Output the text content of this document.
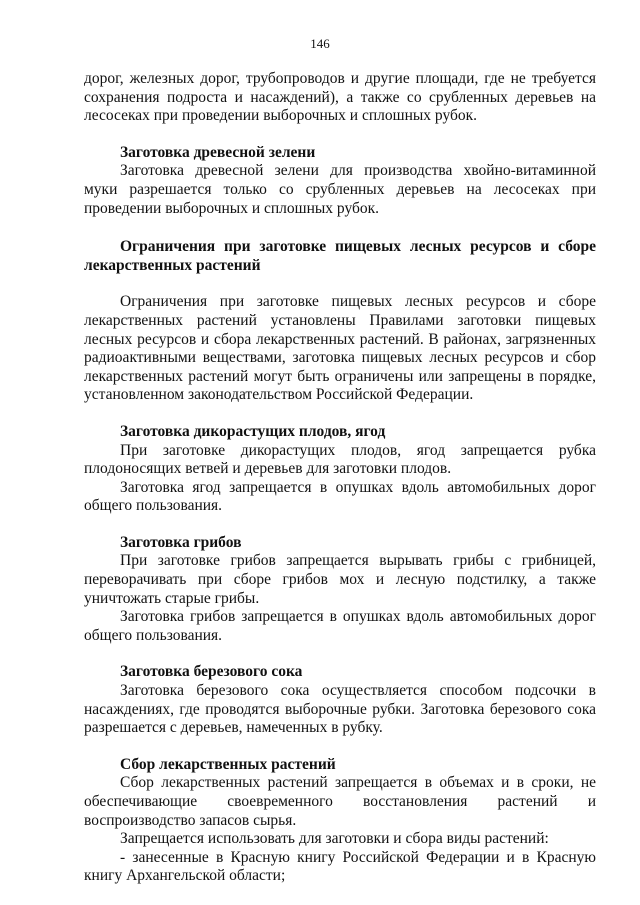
146

дорог, железных дорог, трубопроводов и другие площади, где не требуется сохранения подроста и насаждений), а также со срубленных деревьев на лесосеках при проведении выборочных и сплошных рубок.

Заготовка древесной зелени

Заготовка древесной зелени для производства хвойно-витаминной муки разрешается только со срубленных деревьев на лесосеках при проведении выборочных и сплошных рубок.

Ограничения при заготовке пищевых лесных ресурсов и сборе лекарственных растений

Ограничения при заготовке пищевых лесных ресурсов и сборе лекарственных растений установлены Правилами заготовки пищевых лесных ресурсов и сбора лекарственных растений. В районах, загрязненных радиоактивными веществами, заготовка пищевых лесных ресурсов и сбор лекарственных растений могут быть ограничены или запрещены в порядке, установленном законодательством Российской Федерации.

Заготовка дикорастущих плодов, ягод

При заготовке дикорастущих плодов, ягод запрещается рубка плодоносящих ветвей и деревьев для заготовки плодов.

Заготовка ягод запрещается в опушках вдоль автомобильных дорог общего пользования.

Заготовка грибов

При заготовке грибов запрещается вырывать грибы с грибницей, переворачивать при сборе грибов мох и лесную подстилку, а также уничтожать старые грибы.

Заготовка грибов запрещается в опушках вдоль автомобильных дорог общего пользования.

Заготовка березового сока

Заготовка березового сока осуществляется способом подсочки в насаждениях, где проводятся выборочные рубки. Заготовка березового сока разрешается с деревьев, намеченных в рубку.

Сбор лекарственных растений

Сбор лекарственных растений запрещается в объемах и в сроки, не обеспечивающие своевременного восстановления растений и воспроизводство запасов сырья.

Запрещается использовать для заготовки и сбора виды растений:

- занесенные в Красную книгу Российской Федерации и в Красную книгу Архангельской области;
